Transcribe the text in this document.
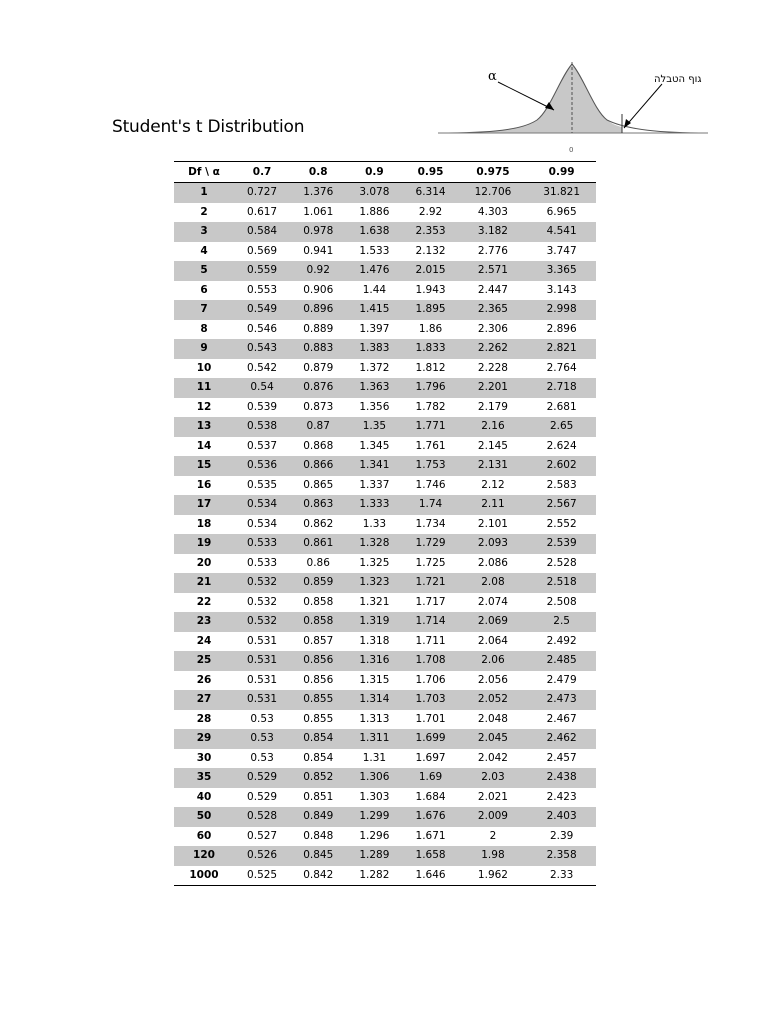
Student's t Distribution
α
0
גוף הטבלה
Df \ α	0.7	0.8	0.9	0.95	0.975	0.99
1	0.727	1.376	3.078	6.314	12.706	31.821
2	0.617	1.061	1.886	2.92	4.303	6.965
3	0.584	0.978	1.638	2.353	3.182	4.541
4	0.569	0.941	1.533	2.132	2.776	3.747
5	0.559	0.92	1.476	2.015	2.571	3.365
6	0.553	0.906	1.44	1.943	2.447	3.143
7	0.549	0.896	1.415	1.895	2.365	2.998
8	0.546	0.889	1.397	1.86	2.306	2.896
9	0.543	0.883	1.383	1.833	2.262	2.821
10	0.542	0.879	1.372	1.812	2.228	2.764
11	0.54	0.876	1.363	1.796	2.201	2.718
12	0.539	0.873	1.356	1.782	2.179	2.681
13	0.538	0.87	1.35	1.771	2.16	2.65
14	0.537	0.868	1.345	1.761	2.145	2.624
15	0.536	0.866	1.341	1.753	2.131	2.602
16	0.535	0.865	1.337	1.746	2.12	2.583
17	0.534	0.863	1.333	1.74	2.11	2.567
18	0.534	0.862	1.33	1.734	2.101	2.552
19	0.533	0.861	1.328	1.729	2.093	2.539
20	0.533	0.86	1.325	1.725	2.086	2.528
21	0.532	0.859	1.323	1.721	2.08	2.518
22	0.532	0.858	1.321	1.717	2.074	2.508
23	0.532	0.858	1.319	1.714	2.069	2.5
24	0.531	0.857	1.318	1.711	2.064	2.492
25	0.531	0.856	1.316	1.708	2.06	2.485
26	0.531	0.856	1.315	1.706	2.056	2.479
27	0.531	0.855	1.314	1.703	2.052	2.473
28	0.53	0.855	1.313	1.701	2.048	2.467
29	0.53	0.854	1.311	1.699	2.045	2.462
30	0.53	0.854	1.31	1.697	2.042	2.457
35	0.529	0.852	1.306	1.69	2.03	2.438
40	0.529	0.851	1.303	1.684	2.021	2.423
50	0.528	0.849	1.299	1.676	2.009	2.403
60	0.527	0.848	1.296	1.671	2	2.39
120	0.526	0.845	1.289	1.658	1.98	2.358
1000	0.525	0.842	1.282	1.646	1.962	2.33
